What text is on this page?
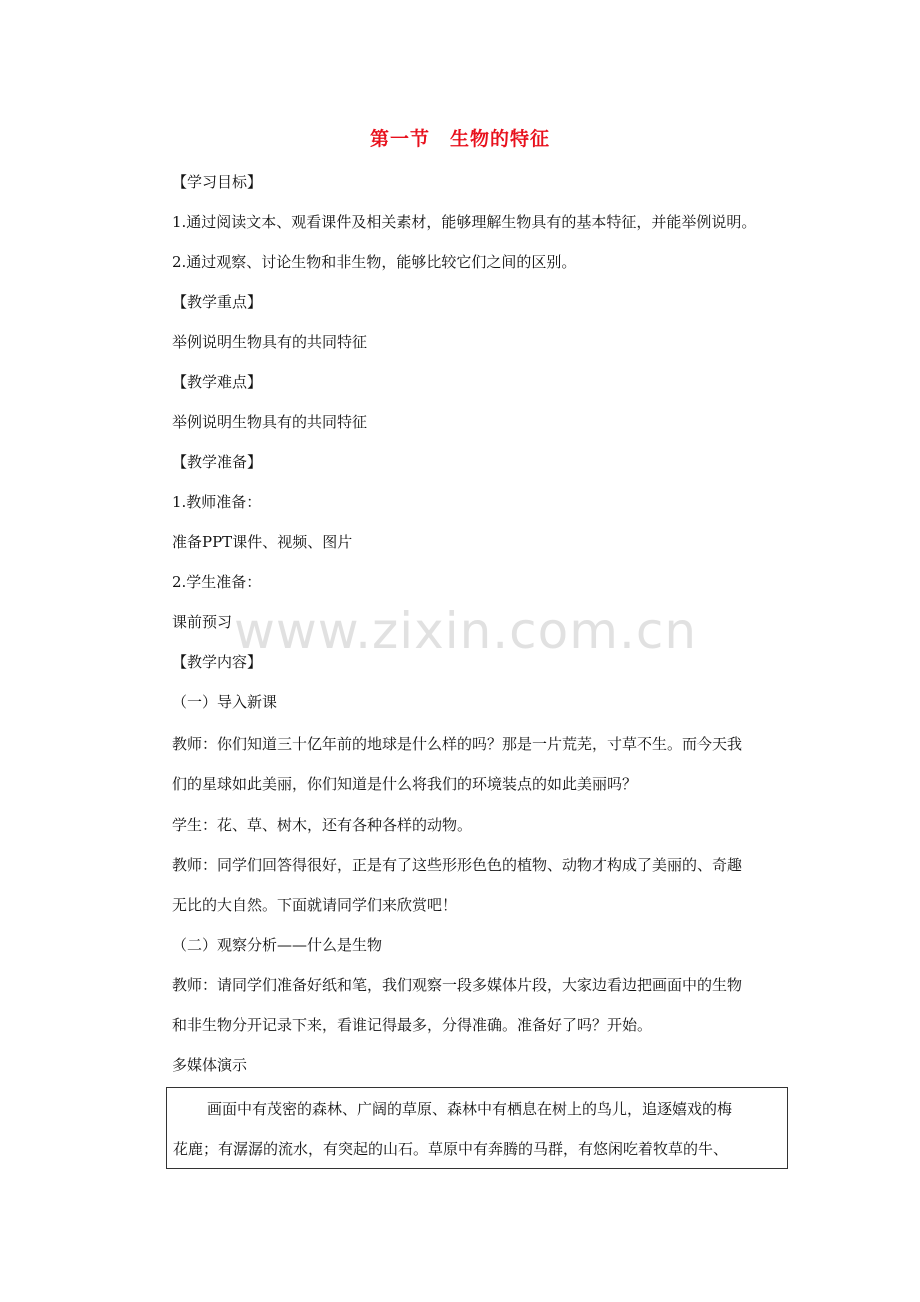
第一节　生物的特征
【学习目标】
1.通过阅读文本、观看课件及相关素材，能够理解生物具有的基本特征，并能举例说明。
2.通过观察、讨论生物和非生物，能够比较它们之间的区别。
【教学重点】
举例说明生物具有的共同特征
【教学难点】
举例说明生物具有的共同特征
【教学准备】
1.教师准备：
准备PPT课件、视频、图片
2.学生准备：
课前预习
【教学内容】
（一）导入新课
教师：你们知道三十亿年前的地球是什么样的吗？那是一片荒芜，寸草不生。而今天我
们的星球如此美丽，你们知道是什么将我们的环境装点的如此美丽吗？
学生：花、草、树木，还有各种各样的动物。
教师：同学们回答得很好，正是有了这些形形色色的植物、动物才构成了美丽的、奇趣
无比的大自然。下面就请同学们来欣赏吧！
（二）观察分析——什么是生物
教师：请同学们准备好纸和笔，我们观察一段多媒体片段，大家边看边把画面中的生物
和非生物分开记录下来，看谁记得最多，分得准确。准备好了吗？开始。
多媒体演示
画面中有茂密的森林、广阔的草原、森林中有栖息在树上的鸟儿，追逐嬉戏的梅
花鹿；有潺潺的流水，有突起的山石。草原中有奔腾的马群，有悠闲吃着牧草的牛、
www.zixin.com.cn
